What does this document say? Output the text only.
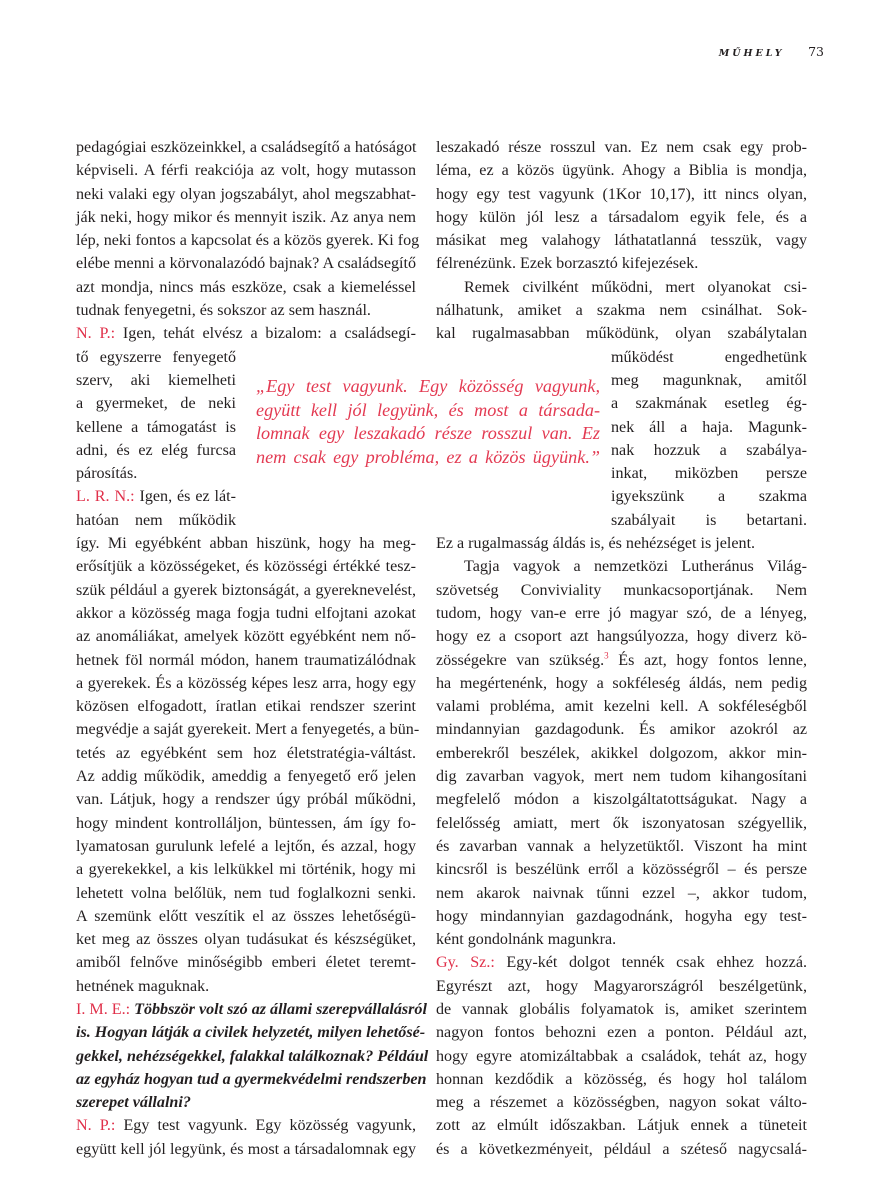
MŰHELY 73
pedagógiai eszközeinkkel, a családsegítő a hatóságot
képviseli. A férfi reakciója az volt, hogy mutasson
neki valaki egy olyan jogszabályt, ahol megszabhat-
ják neki, hogy mikor és mennyit iszik. Az anya nem
lép, neki fontos a kapcsolat és a közös gyerek. Ki fog
elébe menni a körvonalazódó bajnak? A családsegítő
azt mondja, nincs más eszköze, csak a kiemeléssel
tudnak fenyegetni, és sokszor az sem használ.
N. P.: Igen, tehát elvész a bizalom: a családsegí-
tő egyszerre fenyegető
szerv, aki kiemelheti
a gyermeket, de neki
kellene a támogatást is
adni, és ez elég furcsa
párosítás.
L. R. N.: Igen, és ez lát-
hatóan nem működik
így. Mi egyébként abban hiszünk, hogy ha meg-
erősítjük a közösségeket, és közösségi értékké tesz-
szük például a gyerek biztonságát, a gyereknevelést,
akkor a közösség maga fogja tudni elfojtani azokat
az anomáliákat, amelyek között egyébként nem nő-
hetnek föl normál módon, hanem traumatizálódnak
a gyerekek. És a közösség képes lesz arra, hogy egy
közösen elfogadott, íratlan etikai rendszer szerint
megvédje a saját gyerekeit. Mert a fenyegetés, a bün-
tetés az egyébként sem hoz életstratégia-váltást.
Az addig működik, ameddig a fenyegető erő jelen
van. Látjuk, hogy a rendszer úgy próbál működni,
hogy mindent kontrolláljon, büntessen, ám így fo-
lyamatosan gurulunk lefelé a lejtőn, és azzal, hogy
a gyerekekkel, a kis lelkükkel mi történik, hogy mi
lehetett volna belőlük, nem tud foglalkozni senki.
A szemünk előtt veszítik el az összes lehetőségü-
ket meg az összes olyan tudásukat és készségüket,
amiből felnőve minőségibb emberi életet teremt-
hetnének maguknak.
I. M. E.: Többször volt szó az állami szerepvállalásról
is. Hogyan látják a civilek helyzetét, milyen lehetősé-
gekkel, nehézségekkel, falakkal találkoznak? Például
az egyház hogyan tud a gyermekvédelmi rendszerben
szerepet vállalni?
N. P.: Egy test vagyunk. Egy közösség vagyunk,
együtt kell jól legyünk, és most a társadalomnak egy
„Egy test vagyunk. Egy közösség vagyunk,
együtt kell jól legyünk, és most a társada-
lomnak egy leszakadó része rosszul van. Ez
nem csak egy probléma, ez a közös ügyünk.”
leszakadó része rosszul van. Ez nem csak egy prob-
léma, ez a közös ügyünk. Ahogy a Biblia is mondja,
hogy egy test vagyunk (1Kor 10,17), itt nincs olyan,
hogy külön jól lesz a társadalom egyik fele, és a
másikat meg valahogy láthatatlanná tesszük, vagy
félrenézünk. Ezek borzasztó kifejezések.
Remek civilként működni, mert olyanokat csi-
nálhatunk, amiket a szakma nem csinálhat. Sok-
kal rugalmasabban működünk, olyan szabálytalan
működést engedhetünk
meg magunknak, amitől
a szakmának esetleg ég-
nek áll a haja. Magunk-
nak hozzuk a szabálya-
inkat, miközben persze
igyekszünk a szakma
szabályait is betartani.
Ez a rugalmasság áldás is, és nehézséget is jelent.
Tagja vagyok a nemzetközi Lutheránus Világ-
szövetség Conviviality munkacsoportjának. Nem
tudom, hogy van-e erre jó magyar szó, de a lényeg,
hogy ez a csoport azt hangsúlyozza, hogy diverz kö-
zösségekre van szükség.$^3$ És azt, hogy fontos lenne,
ha megértenénk, hogy a sokféleség áldás, nem pedig
valami probléma, amit kezelni kell. A sokféleségből
mindannyian gazdagodunk. És amikor azokról az
emberekről beszélek, akikkel dolgozom, akkor min-
dig zavarban vagyok, mert nem tudom kihangosítani
megfelelő módon a kiszolgáltatottságukat. Nagy a
felelősség amiatt, mert ők iszonyatosan szégyellik,
és zavarban vannak a helyzetüktől. Viszont ha mint
kincsről is beszélünk erről a közösségről – és persze
nem akarok naivnak tűnni ezzel –, akkor tudom,
hogy mindannyian gazdagodnánk, hogyha egy test-
ként gondolnánk magunkra.
Gy. Sz.: Egy-két dolgot tennék csak ehhez hozzá.
Egyrészt azt, hogy Magyarországról beszélgetünk,
de vannak globális folyamatok is, amiket szerintem
nagyon fontos behozni ezen a ponton. Például azt,
hogy egyre atomizáltabbak a családok, tehát az, hogy
honnan kezdődik a közösség, és hogy hol találom
meg a részemet a közösségben, nagyon sokat válto-
zott az elmúlt időszakban. Látjuk ennek a tüneteit
és a következményeit, például a széteső nagycsalá-
